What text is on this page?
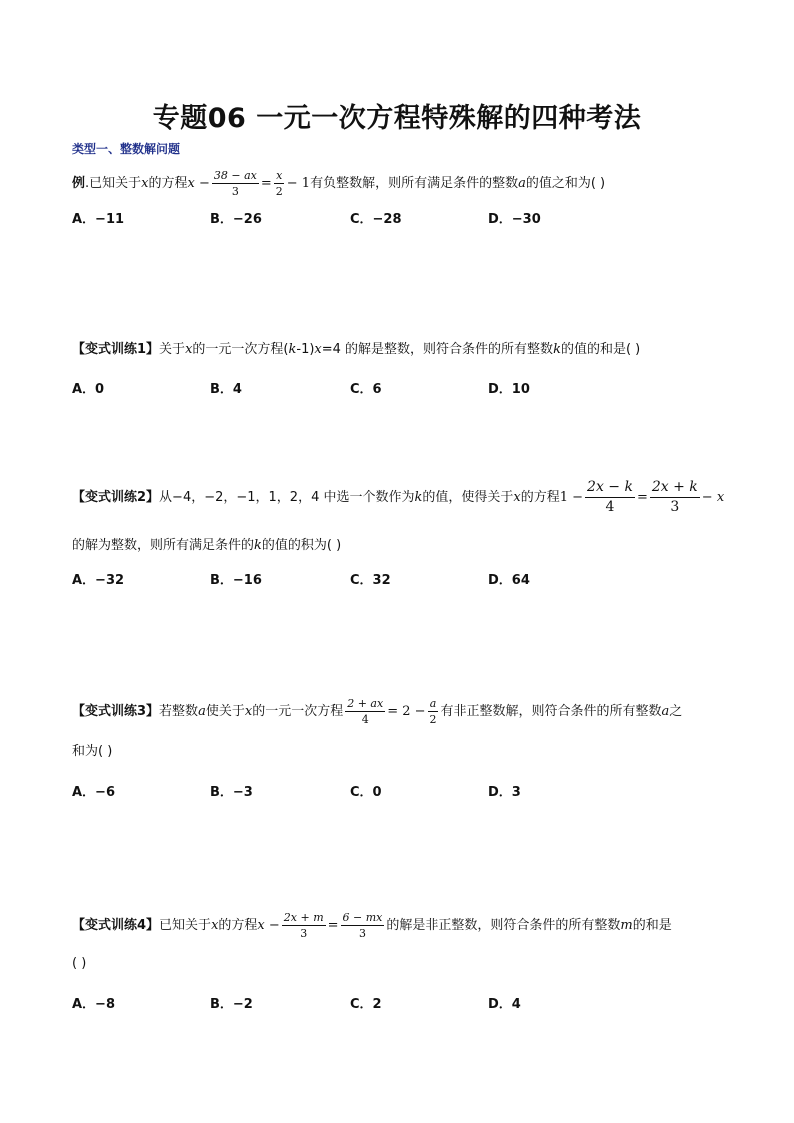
专题06 一元一次方程特殊解的四种考法
类型一、整数解问题
例 .已知关于 x 的方程 $x - \frac{38 - ax}{3} = \frac{x}{2} - 1$ 有负整数解，则所有满足条件的整数 a 的值之和为( )
A．−11	B．−26	C．−28	D．−30
【变式训练1】 关于 x 的一元一次方程( k -1) x =4 的解是整数，则符合条件的所有整数 k 的值的和是( )
A．0	B．4	C．6	D．10
【变式训练2】 从−4，−2，−1，1，2，4 中选一个数作为 k 的值，使得关于 x 的方程 $1 - \frac{2x - k}{4} = \frac{2x + k}{3} - x$
的解为整数，则所有满足条件的 k 的值的积为( )
A．−32	B．−16	C．32	D．64
【变式训练3】 若整数 a 使关于 x 的一元一次方程 $\frac{2 + ax}{4} = 2 - \frac{a}{2}$ 有非正整数解，则符合条件的所有整数 a 之
和为( )
A．−6	B．−3	C．0	D．3
【变式训练4】 已知关于 x 的方程 $x - \frac{2x + m}{3} = \frac{6 - mx}{3}$ 的解是非正整数，则符合条件的所有整数 m 的和是
( )
A．−8	B．−2	C．2	D．4
